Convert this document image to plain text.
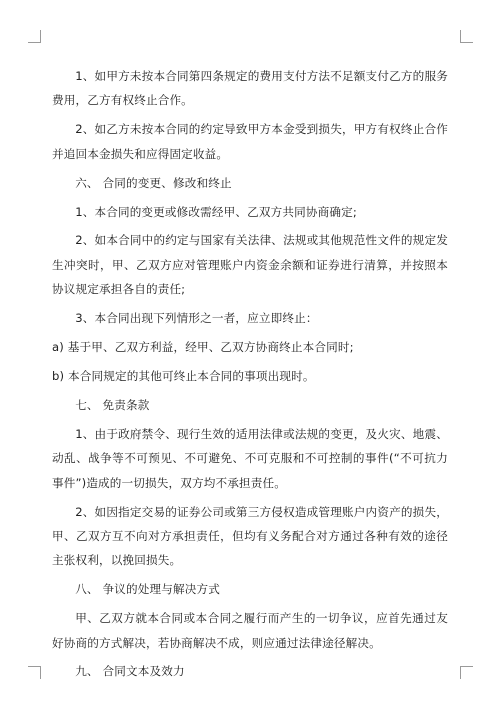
1、如甲方未按本合同第四条规定的费用支付方法不足额支付乙方的服务费用，乙方有权终止合作。

2、如乙方未按本合同的约定导致甲方本金受到损失，甲方有权终止合作并追回本金损失和应得固定收益。

六、 合同的变更、修改和终止

1、本合同的变更或修改需经甲、乙双方共同协商确定;

2、如本合同中的约定与国家有关法律、法规或其他规范性文件的规定发生冲突时，甲、乙双方应对管理账户内资金余额和证券进行清算，并按照本协议规定承担各自的责任;

3、本合同出现下列情形之一者，应立即终止：

a) 基于甲、乙双方利益，经甲、乙双方协商终止本合同时;

b) 本合同规定的其他可终止本合同的事项出现时。

七、 免责条款

1、由于政府禁令、现行生效的适用法律或法规的变更，及火灾、地震、动乱、战争等不可预见、不可避免、不可克服和不可控制的事件(“不可抗力事件”)造成的一切损失，双方均不承担责任。

2、如因指定交易的证券公司或第三方侵权造成管理账户内资产的损失，甲、乙双方互不向对方承担责任，但均有义务配合对方通过各种有效的途径主张权利，以挽回损失。

八、 争议的处理与解决方式

甲、乙双方就本合同或本合同之履行而产生的一切争议，应首先通过友好协商的方式解决，若协商解决不成，则应通过法律途径解决。

九、 合同文本及效力
